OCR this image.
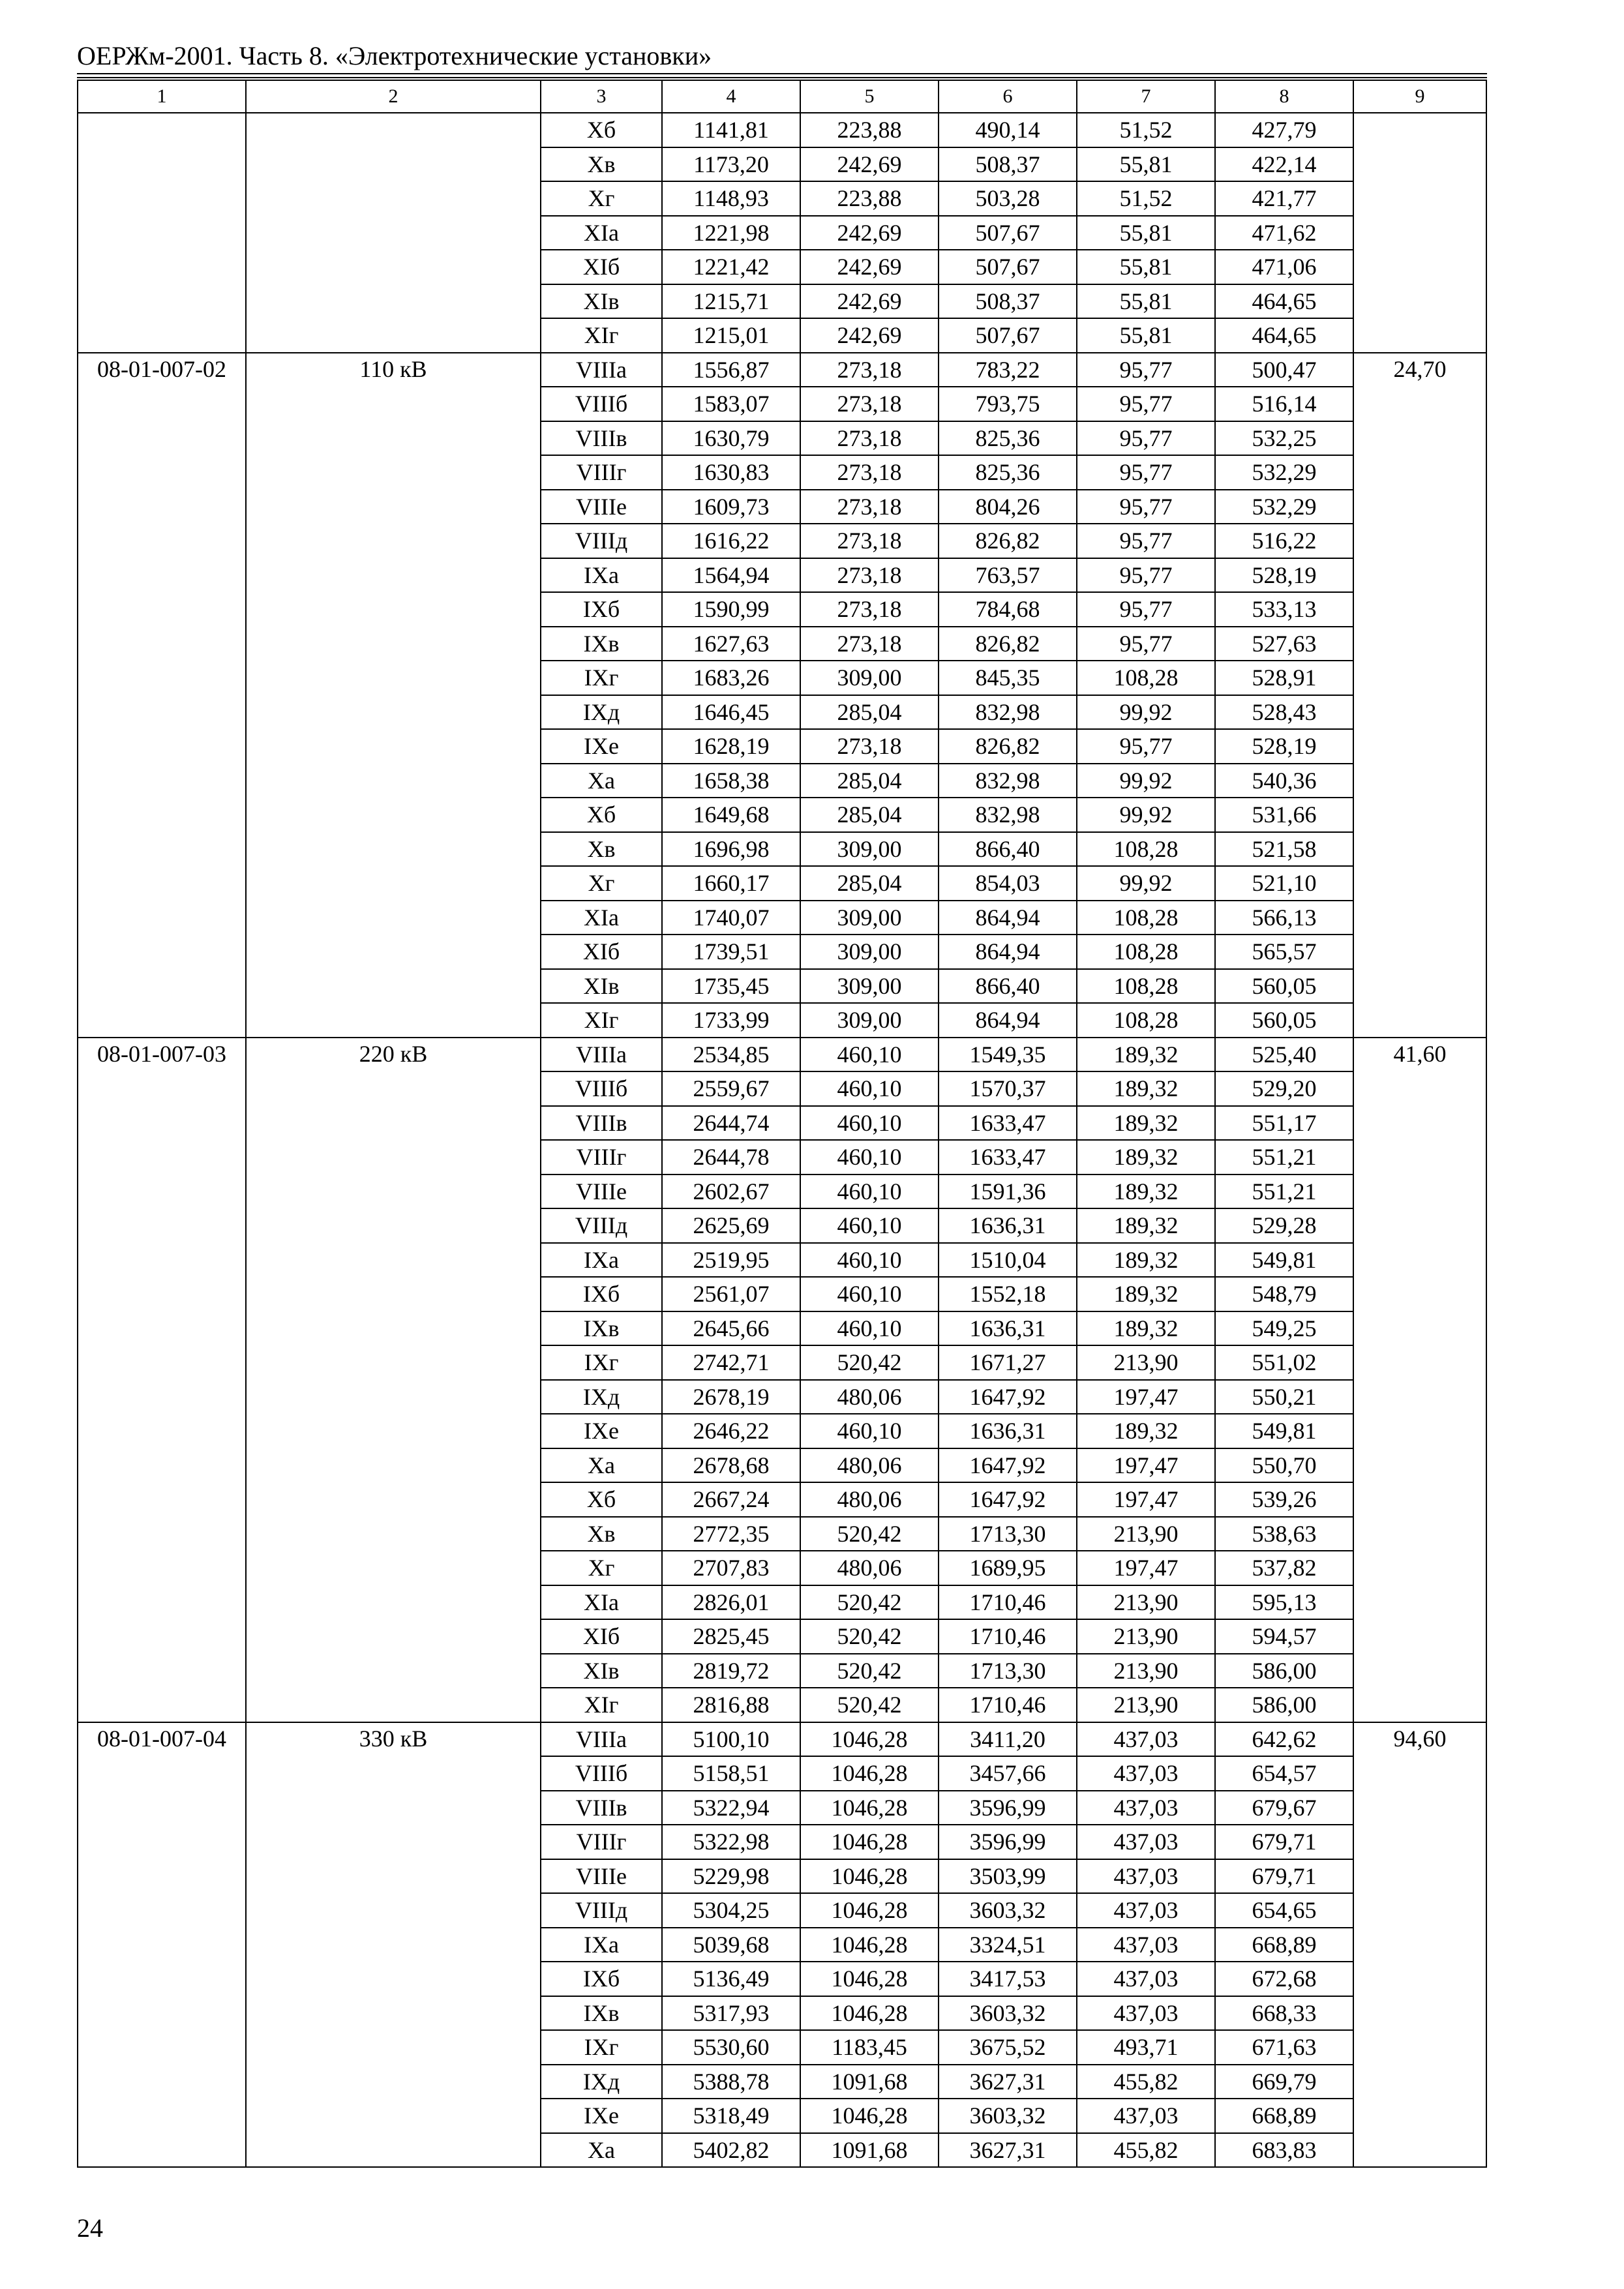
ОЕРЖм-2001. Часть 8. «Электротехнические установки»
1	2	3	4	5	6	7	8	9
		Хб	1141,81	223,88	490,14	51,52	427,79	
		Хв	1173,20	242,69	508,37	55,81	422,14	
		Хг	1148,93	223,88	503,28	51,52	421,77	
		ХIа	1221,98	242,69	507,67	55,81	471,62	
		ХIб	1221,42	242,69	507,67	55,81	471,06	
		ХIв	1215,71	242,69	508,37	55,81	464,65	
		ХIг	1215,01	242,69	507,67	55,81	464,65	
08-01-007-02	110 кВ	VIIIа	1556,87	273,18	783,22	95,77	500,47	24,70
		VIIIб	1583,07	273,18	793,75	95,77	516,14	
		VIIIв	1630,79	273,18	825,36	95,77	532,25	
		VIIIг	1630,83	273,18	825,36	95,77	532,29	
		VIIIе	1609,73	273,18	804,26	95,77	532,29	
		VIIIд	1616,22	273,18	826,82	95,77	516,22	
		IХа	1564,94	273,18	763,57	95,77	528,19	
		IХб	1590,99	273,18	784,68	95,77	533,13	
		IХв	1627,63	273,18	826,82	95,77	527,63	
		IХг	1683,26	309,00	845,35	108,28	528,91	
		IХд	1646,45	285,04	832,98	99,92	528,43	
		IХе	1628,19	273,18	826,82	95,77	528,19	
		Ха	1658,38	285,04	832,98	99,92	540,36	
		Хб	1649,68	285,04	832,98	99,92	531,66	
		Хв	1696,98	309,00	866,40	108,28	521,58	
		Хг	1660,17	285,04	854,03	99,92	521,10	
		ХIа	1740,07	309,00	864,94	108,28	566,13	
		ХIб	1739,51	309,00	864,94	108,28	565,57	
		ХIв	1735,45	309,00	866,40	108,28	560,05	
		ХIг	1733,99	309,00	864,94	108,28	560,05	
08-01-007-03	220 кВ	VIIIа	2534,85	460,10	1549,35	189,32	525,40	41,60
		VIIIб	2559,67	460,10	1570,37	189,32	529,20	
		VIIIв	2644,74	460,10	1633,47	189,32	551,17	
		VIIIг	2644,78	460,10	1633,47	189,32	551,21	
		VIIIе	2602,67	460,10	1591,36	189,32	551,21	
		VIIIд	2625,69	460,10	1636,31	189,32	529,28	
		IХа	2519,95	460,10	1510,04	189,32	549,81	
		IХб	2561,07	460,10	1552,18	189,32	548,79	
		IХв	2645,66	460,10	1636,31	189,32	549,25	
		IХг	2742,71	520,42	1671,27	213,90	551,02	
		IХд	2678,19	480,06	1647,92	197,47	550,21	
		IХе	2646,22	460,10	1636,31	189,32	549,81	
		Ха	2678,68	480,06	1647,92	197,47	550,70	
		Хб	2667,24	480,06	1647,92	197,47	539,26	
		Хв	2772,35	520,42	1713,30	213,90	538,63	
		Хг	2707,83	480,06	1689,95	197,47	537,82	
		ХIа	2826,01	520,42	1710,46	213,90	595,13	
		ХIб	2825,45	520,42	1710,46	213,90	594,57	
		ХIв	2819,72	520,42	1713,30	213,90	586,00	
		ХIг	2816,88	520,42	1710,46	213,90	586,00	
08-01-007-04	330 кВ	VIIIа	5100,10	1046,28	3411,20	437,03	642,62	94,60
		VIIIб	5158,51	1046,28	3457,66	437,03	654,57	
		VIIIв	5322,94	1046,28	3596,99	437,03	679,67	
		VIIIг	5322,98	1046,28	3596,99	437,03	679,71	
		VIIIе	5229,98	1046,28	3503,99	437,03	679,71	
		VIIIд	5304,25	1046,28	3603,32	437,03	654,65	
		IХа	5039,68	1046,28	3324,51	437,03	668,89	
		IХб	5136,49	1046,28	3417,53	437,03	672,68	
		IХв	5317,93	1046,28	3603,32	437,03	668,33	
		IХг	5530,60	1183,45	3675,52	493,71	671,63	
		IХд	5388,78	1091,68	3627,31	455,82	669,79	
		IХе	5318,49	1046,28	3603,32	437,03	668,89	
		Ха	5402,82	1091,68	3627,31	455,82	683,83	
24
